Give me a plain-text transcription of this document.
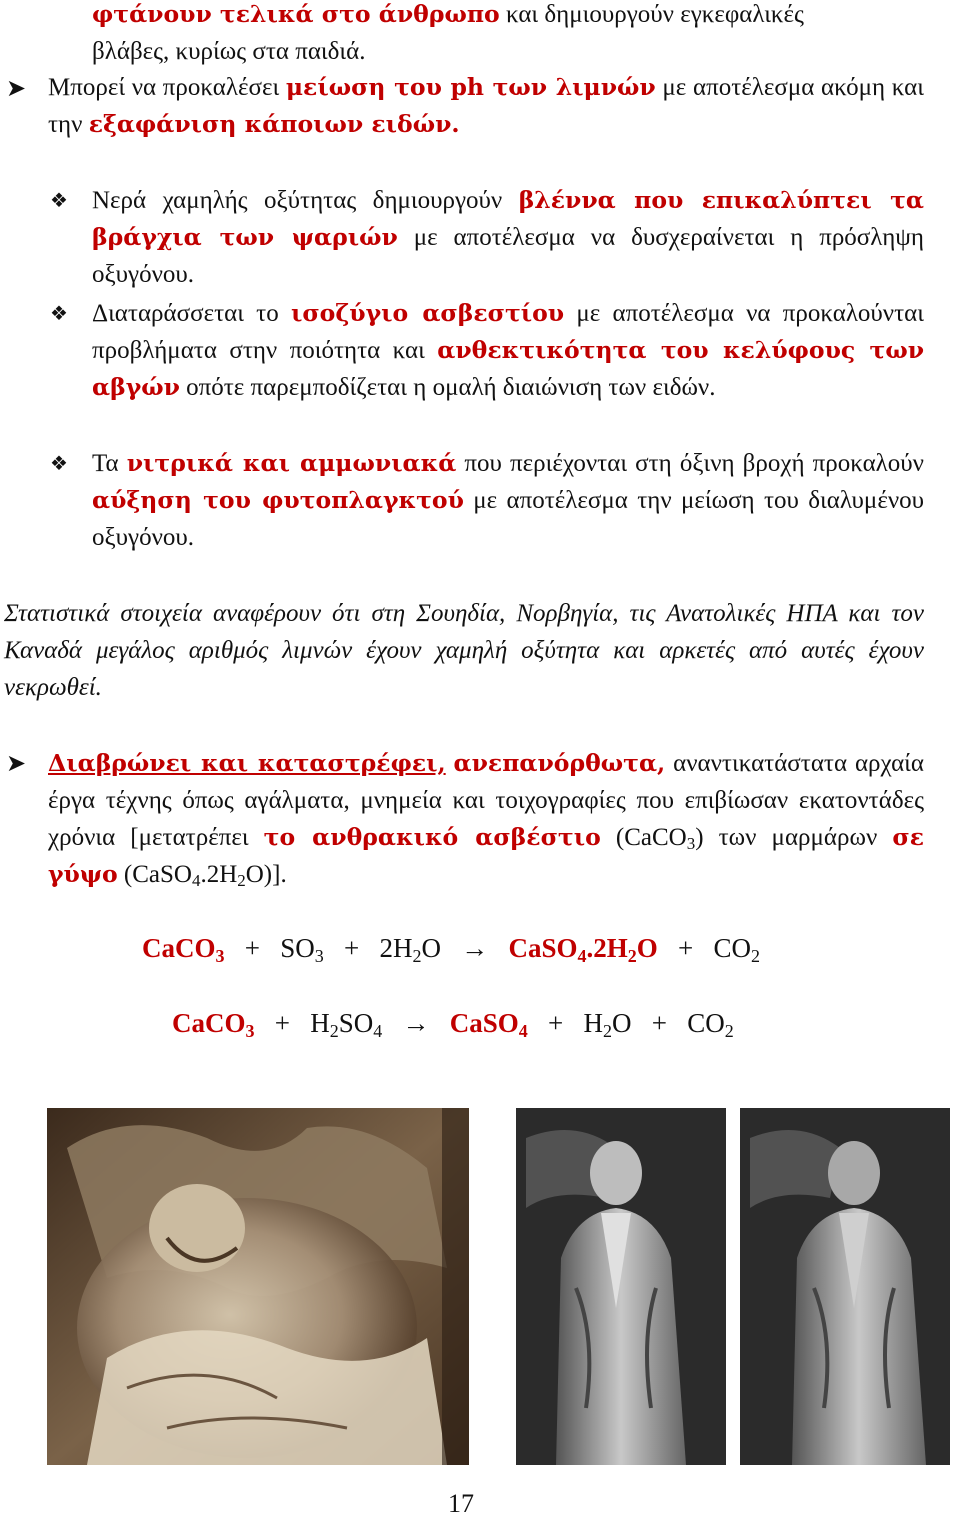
φτάνουν τελικά στο άνθρωπο και δημιουργούν εγκεφαλικές
βλάβες, κυρίως στα παιδιά.
➤ Μπορεί να προκαλέσει μείωση του ph των λιμνών με αποτέλεσμα ακόμη και την εξαφάνιση κάποιων ειδών.
❖ Νερά χαμηλής οξύτητας δημιουργούν βλέννα που επικαλύπτει τα βράγχια των ψαριών με αποτέλεσμα να δυσχεραίνεται η πρόσληψη οξυγόνου.
❖ Διαταράσσεται το ισοζύγιο ασβεστίου με αποτέλεσμα να προκαλούνται προβλήματα στην ποιότητα και ανθεκτικότητα του κελύφους των αβγών οπότε παρεμποδίζεται η ομαλή διαιώνιση των ειδών.
❖ Τα νιτρικά και αμμωνιακά που περιέχονται στη όξινη βροχή προκαλούν αύξηση του φυτοπλαγκτού με αποτέλεσμα την μείωση του διαλυμένου οξυγόνου.
Στατιστικά στοιχεία αναφέρουν ότι στη Σουηδία, Νορβηγία, τις Ανατολικές ΗΠΑ και τον Καναδά μεγάλος αριθμός λιμνών έχουν χαμηλή οξύτητα και αρκετές από αυτές έχουν νεκρωθεί.
➤ Διαβρώνει και καταστρέφει, ανεπανόρθωτα, αναντικατάστατα αρχαία έργα τέχνης όπως αγάλματα, μνημεία και τοιχογραφίες που επιβίωσαν εκατοντάδες χρόνια [μετατρέπει το ανθρακικό ασβέστιο (CaCO$_3$) των μαρμάρων σε γύψο $(CaSO_4.2H_2O)$].
CaCO$_3$ + $SO_3 + 2H_2O$ → $CaSO_4.2H_2O + CO_2$
CaCO$_3$ + $H_2SO_4$ → CaSO$_4$ + $H_2O + CO_2$
17
